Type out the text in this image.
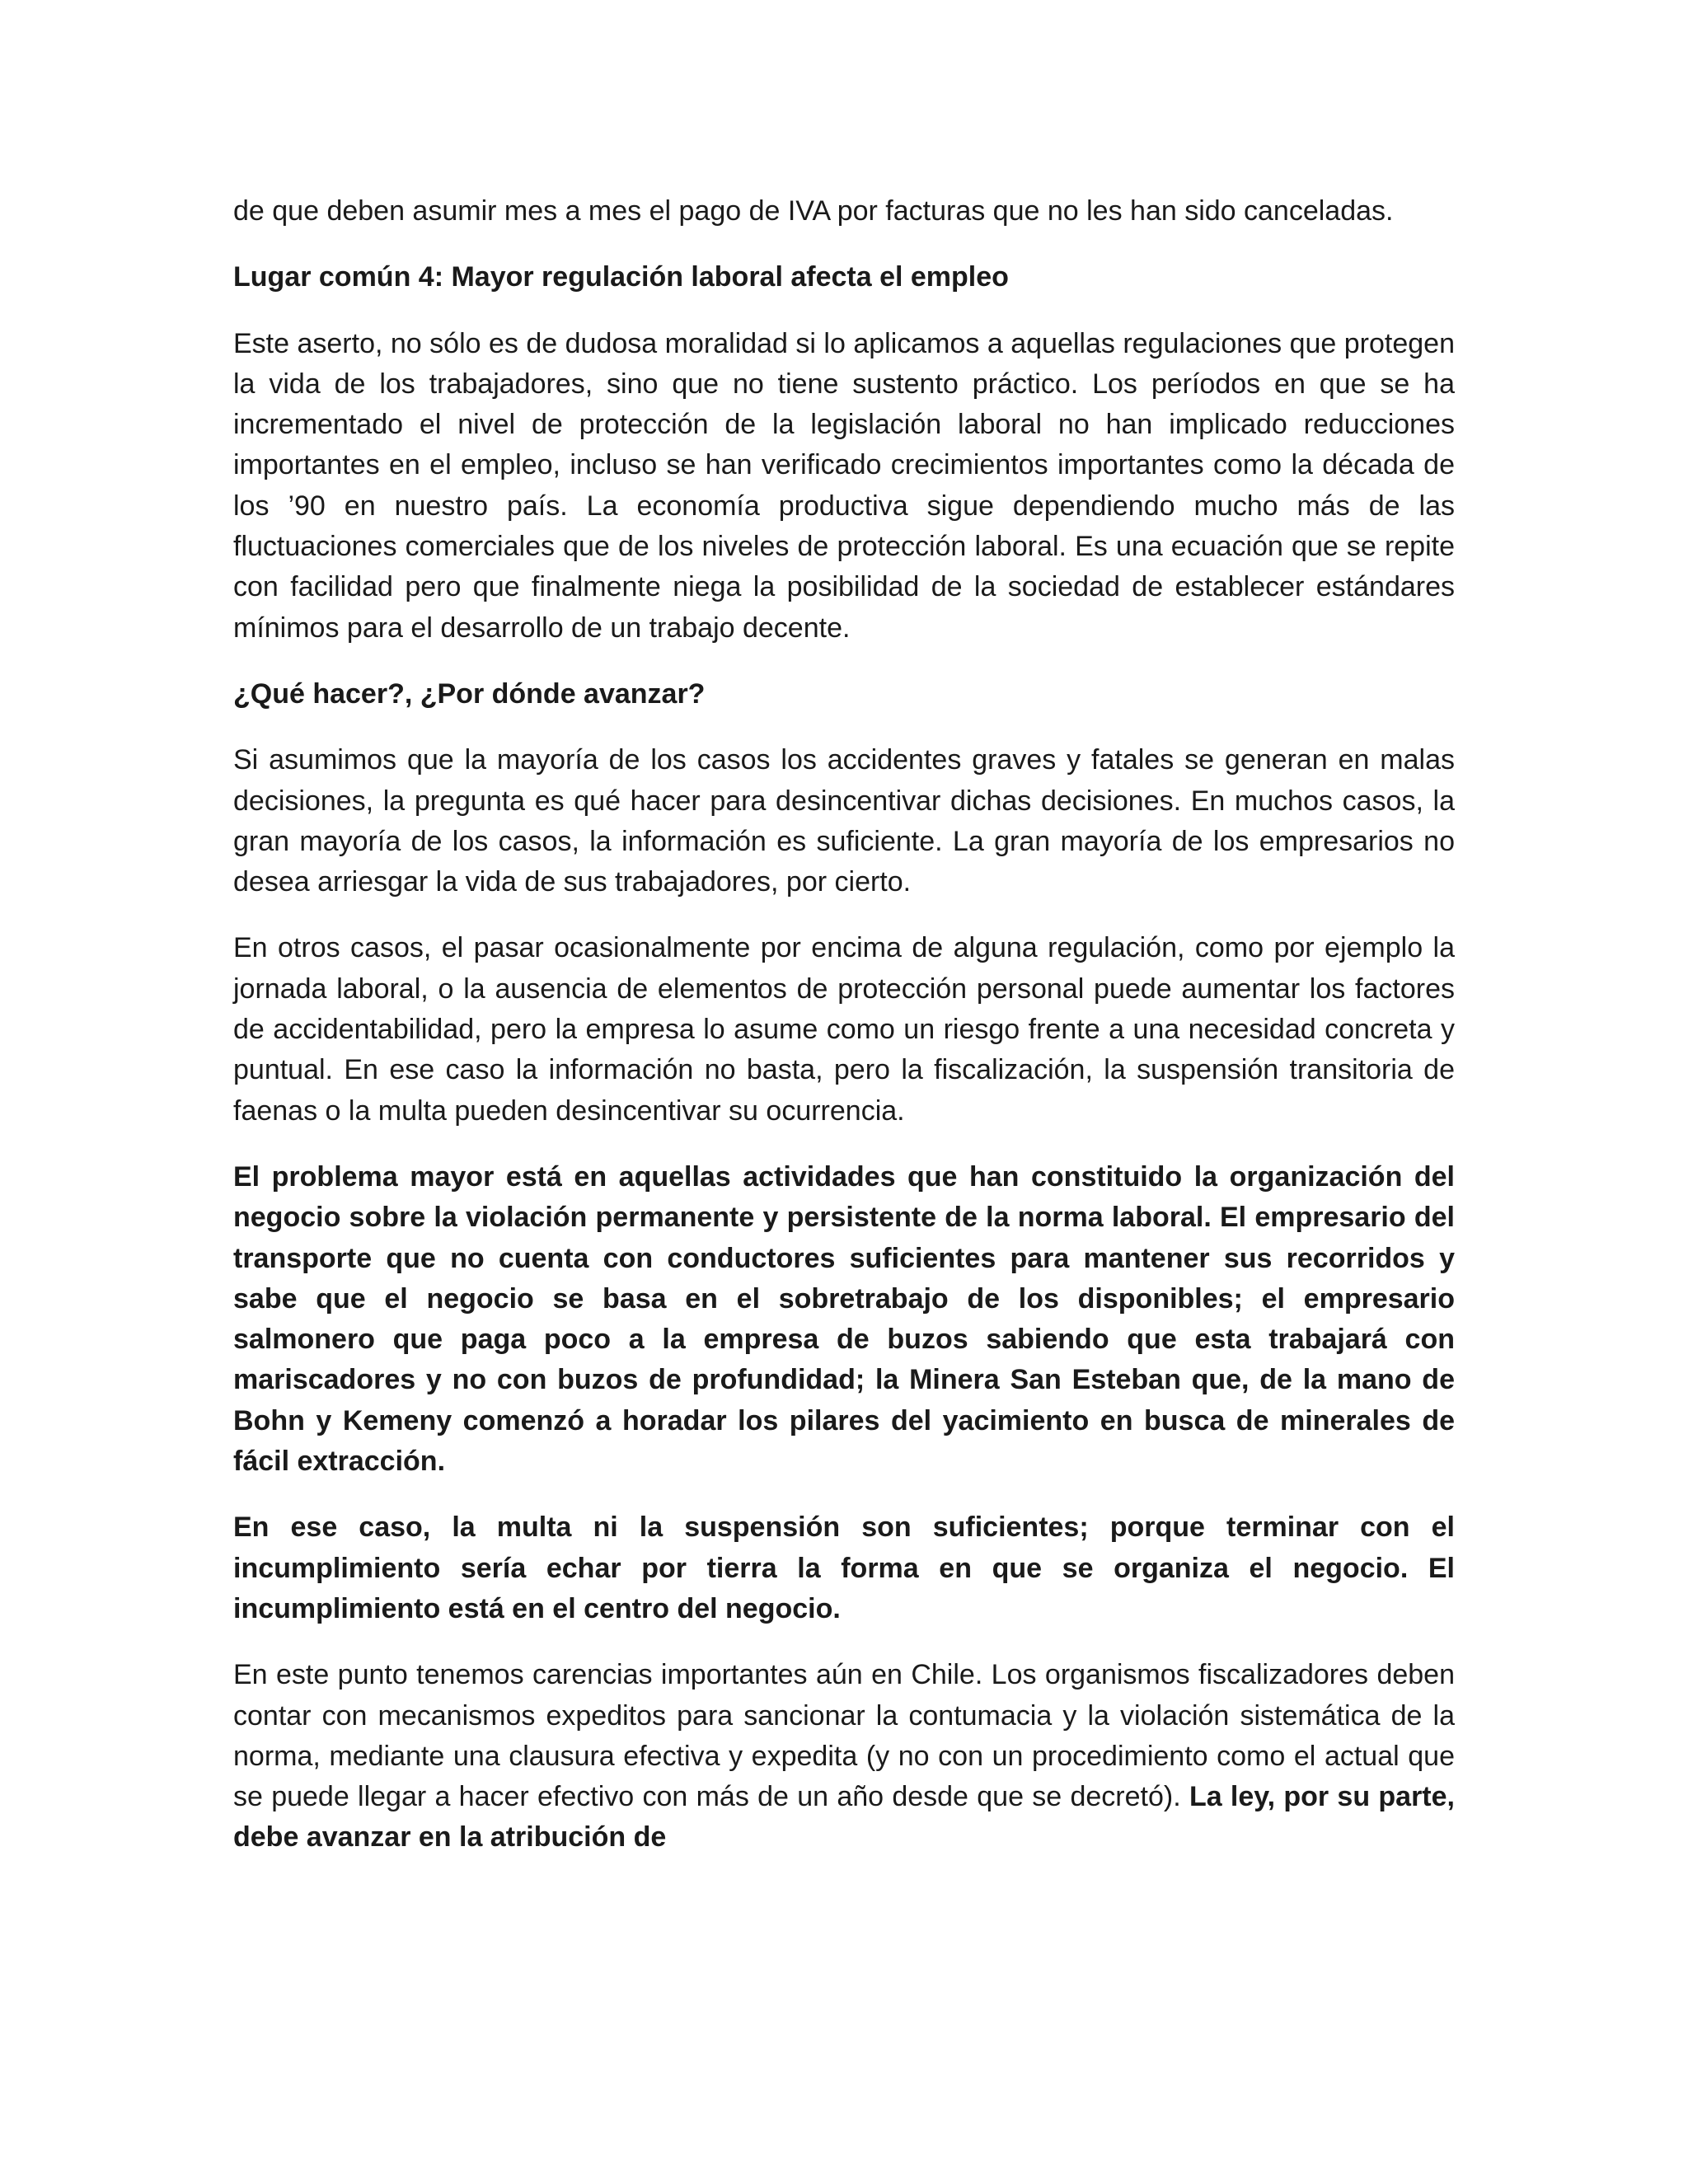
de que deben asumir mes a mes el pago de IVA por facturas que no les han sido canceladas.

Lugar común 4: Mayor regulación laboral afecta el empleo

Este aserto, no sólo es de dudosa moralidad si lo aplicamos a aquellas regulaciones que protegen la vida de los trabajadores, sino que no tiene sustento práctico. Los períodos en que se ha incrementado el nivel de protección de la legislación laboral no han implicado reducciones importantes en el empleo, incluso se han verificado crecimientos importantes como la década de los ’90 en nuestro país. La economía productiva sigue dependiendo mucho más de las fluctuaciones comerciales que de los niveles de protección laboral. Es una ecuación que se repite con facilidad pero que finalmente niega la posibilidad de la sociedad de establecer estándares mínimos para el desarrollo de un trabajo decente.

¿Qué hacer?, ¿Por dónde avanzar?

Si asumimos que la mayoría de los casos los accidentes graves y fatales se generan en malas decisiones, la pregunta es qué hacer para desincentivar dichas decisiones. En muchos casos, la gran mayoría de los casos, la información es suficiente. La gran mayoría de los empresarios no desea arriesgar la vida de sus trabajadores, por cierto.

En otros casos, el pasar ocasionalmente por encima de alguna regulación, como por ejemplo la jornada laboral, o la ausencia de elementos de protección personal puede aumentar los factores de accidentabilidad, pero la empresa lo asume como un riesgo frente a una necesidad concreta y puntual. En ese caso la información no basta, pero la fiscalización, la suspensión transitoria de faenas o la multa pueden desincentivar su ocurrencia.

El problema mayor está en aquellas actividades que han constituido la organización del negocio sobre la violación permanente y persistente de la norma laboral. El empresario del transporte que no cuenta con conductores suficientes para mantener sus recorridos y sabe que el negocio se basa en el sobretrabajo de los disponibles; el empresario salmonero que paga poco a la empresa de buzos sabiendo que esta trabajará con mariscadores y no con buzos de profundidad; la Minera San Esteban que, de la mano de Bohn y Kemeny comenzó a horadar los pilares del yacimiento en busca de minerales de fácil extracción.

En ese caso, la multa ni la suspensión son suficientes; porque terminar con el incumplimiento sería echar por tierra la forma en que se organiza el negocio. El incumplimiento está en el centro del negocio.

En este punto tenemos carencias importantes aún en Chile. Los organismos fiscalizadores deben contar con mecanismos expeditos para sancionar la contumacia y la violación sistemática de la norma, mediante una clausura efectiva y expedita (y no con un procedimiento como el actual que se puede llegar a hacer efectivo con más de un año desde que se decretó). La ley, por su parte, debe avanzar en la atribución de
